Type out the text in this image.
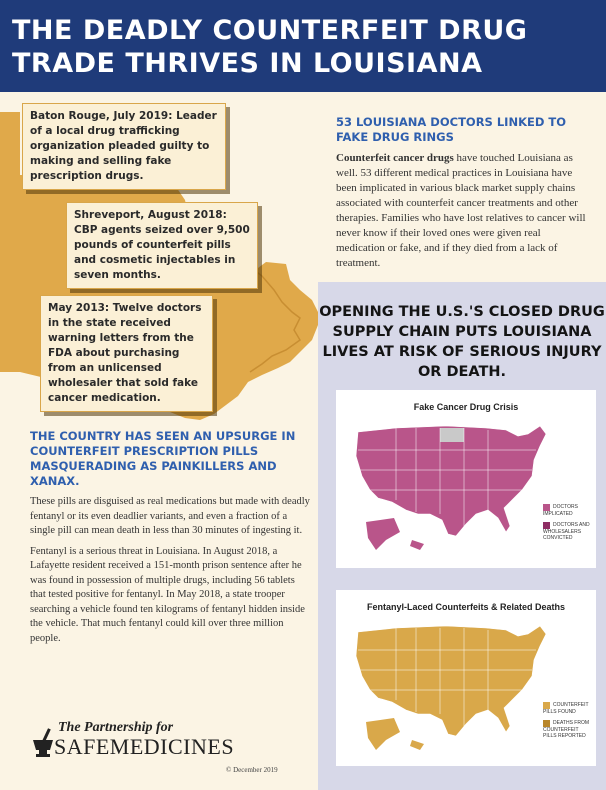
THE DEADLY COUNTERFEIT DRUG TRADE THRIVES IN LOUISIANA
Baton Rouge, July 2019: Leader of a local drug trafficking organization pleaded guilty to making and selling fake prescription drugs.
Shreveport, August 2018: CBP agents seized over 9,500 pounds of counterfeit pills and cosmetic injectables in seven months.
May 2013: Twelve doctors in the state received warning letters from the FDA about purchasing from an unlicensed wholesaler that sold fake cancer medication.
53 LOUISIANA DOCTORS LINKED TO FAKE DRUG RINGS

Counterfeit cancer drugs have touched Louisiana as well. 53 different medical practices in Louisiana have been implicated in various black market supply chains associated with counterfeit cancer treatments and other therapies. Families who have lost relatives to cancer will never know if their loved ones were given real medication or fake, and if they died from a lack of treatment.

OPENING THE U.S.'S CLOSED DRUG SUPPLY CHAIN PUTS LOUISIANA LIVES AT RISK OF SERIOUS INJURY OR DEATH.
Fake Cancer Drug Crisis
DOCTORS IMPLICATED
DOCTORS AND WHOLESALERS CONVICTED
Fentanyl-Laced Counterfeits & Related Deaths
COUNTERFEIT PILLS FOUND
DEATHS FROM COUNTERFEIT PILLS REPORTED
THE COUNTRY HAS SEEN AN UPSURGE IN COUNTERFEIT PRESCRIPTION PILLS MASQUERADING AS PAINKILLERS AND XANAX.

These pills are disguised as real medications but made with deadly fentanyl or its even deadlier variants, and even a fraction of a single pill can mean death in less than 30 minutes of ingesting it.

Fentanyl is a serious threat in Louisiana. In August 2018, a Lafayette resident received a 151-month prison sentence after he was found in possession of multiple drugs, including 56 tablets that tested positive for fentanyl. In May 2018, a state trooper searching a vehicle found ten kilograms of fentanyl hidden inside the vehicle. That much fentanyl could kill over three million people.

The Partnership for
SAFEMEDICINES
© December 2019
